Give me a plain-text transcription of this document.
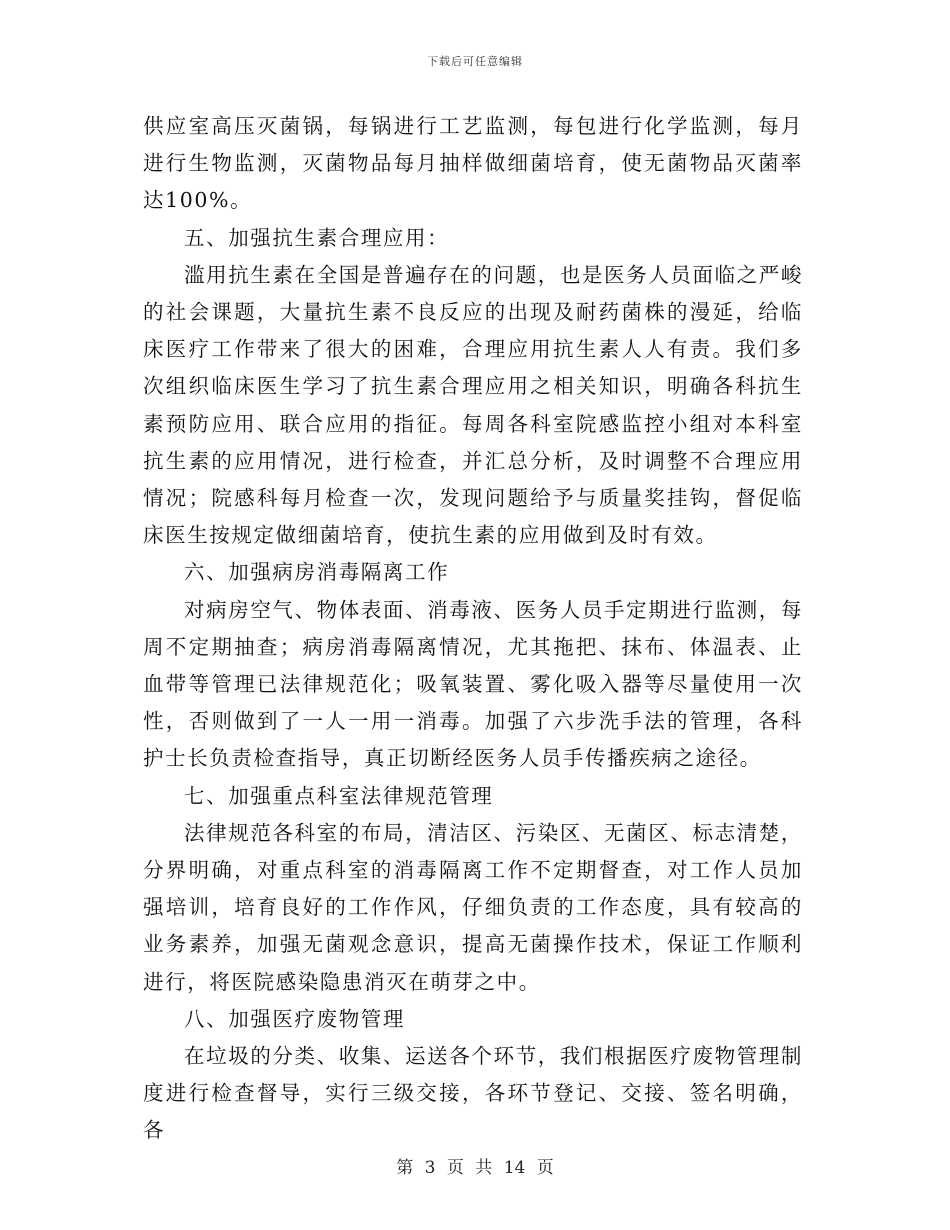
下载后可任意编辑

供应室高压灭菌锅，每锅进行工艺监测，每包进行化学监测，每月进行生物监测，灭菌物品每月抽样做细菌培育，使无菌物品灭菌率达100%。

五、加强抗生素合理应用：

滥用抗生素在全国是普遍存在的问题，也是医务人员面临之严峻的社会课题，大量抗生素不良反应的出现及耐药菌株的漫延，给临床医疗工作带来了很大的困难，合理应用抗生素人人有责。我们多次组织临床医生学习了抗生素合理应用之相关知识，明确各科抗生素预防应用、联合应用的指征。每周各科室院感监控小组对本科室抗生素的应用情况，进行检查，并汇总分析，及时调整不合理应用情况；院感科每月检查一次，发现问题给予与质量奖挂钩，督促临床医生按规定做细菌培育，使抗生素的应用做到及时有效。

六、加强病房消毒隔离工作

对病房空气、物体表面、消毒液、医务人员手定期进行监测，每周不定期抽查；病房消毒隔离情况，尤其拖把、抹布、体温表、止血带等管理已法律规范化；吸氧装置、雾化吸入器等尽量使用一次性，否则做到了一人一用一消毒。加强了六步洗手法的管理，各科护士长负责检查指导，真正切断经医务人员手传播疾病之途径。

七、加强重点科室法律规范管理

法律规范各科室的布局，清洁区、污染区、无菌区、标志清楚，分界明确，对重点科室的消毒隔离工作不定期督查，对工作人员加强培训，培育良好的工作作风，仔细负责的工作态度，具有较高的业务素养，加强无菌观念意识，提高无菌操作技术，保证工作顺利进行，将医院感染隐患消灭在萌芽之中。

八、加强医疗废物管理

在垃圾的分类、收集、运送各个环节，我们根据医疗废物管理制度进行检查督导，实行三级交接，各环节登记、交接、签名明确，各

第 3 页 共 14 页
